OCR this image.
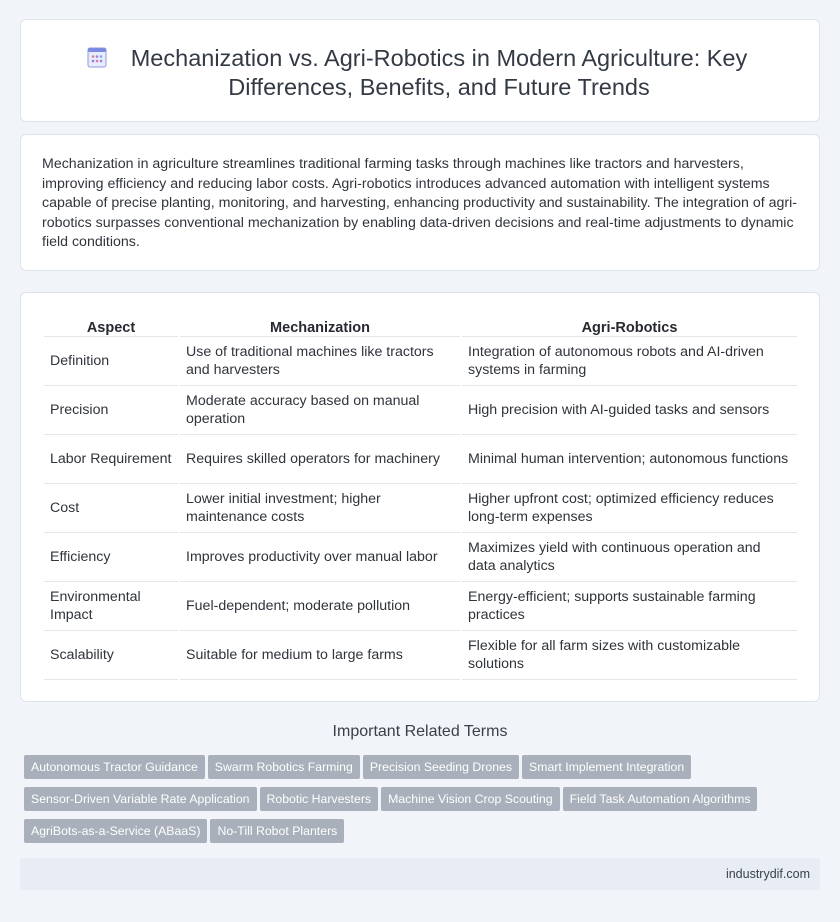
Mechanization vs. Agri-Robotics in Modern Agriculture: Key Differences, Benefits, and Future Trends

Mechanization in agriculture streamlines traditional farming tasks through machines like tractors and harvesters, improving efficiency and reducing labor costs. Agri-robotics introduces advanced automation with intelligent systems capable of precise planting, monitoring, and harvesting, enhancing productivity and sustainability. The integration of agri-robotics surpasses conventional mechanization by enabling data-driven decisions and real-time adjustments to dynamic field conditions.

Aspect	Mechanization	Agri-Robotics
Definition	Use of traditional machines like tractors and harvesters	Integration of autonomous robots and AI-driven systems in farming
Precision	Moderate accuracy based on manual operation	High precision with AI-guided tasks and sensors
Labor Requirement	Requires skilled operators for machinery	Minimal human intervention; autonomous functions
Cost	Lower initial investment; higher maintenance costs	Higher upfront cost; optimized efficiency reduces long-term expenses
Efficiency	Improves productivity over manual labor	Maximizes yield with continuous operation and data analytics
Environmental Impact	Fuel-dependent; moderate pollution	Energy-efficient; supports sustainable farming practices
Scalability	Suitable for medium to large farms	Flexible for all farm sizes with customizable solutions
Important Related Terms
Autonomous Tractor Guidance Swarm Robotics Farming Precision Seeding Drones Smart Implement Integration
Sensor-Driven Variable Rate Application Robotic Harvesters Machine Vision Crop Scouting Field Task Automation Algorithms
AgriBots-as-a-Service (ABaaS) No-Till Robot Planters
industrydif.com
